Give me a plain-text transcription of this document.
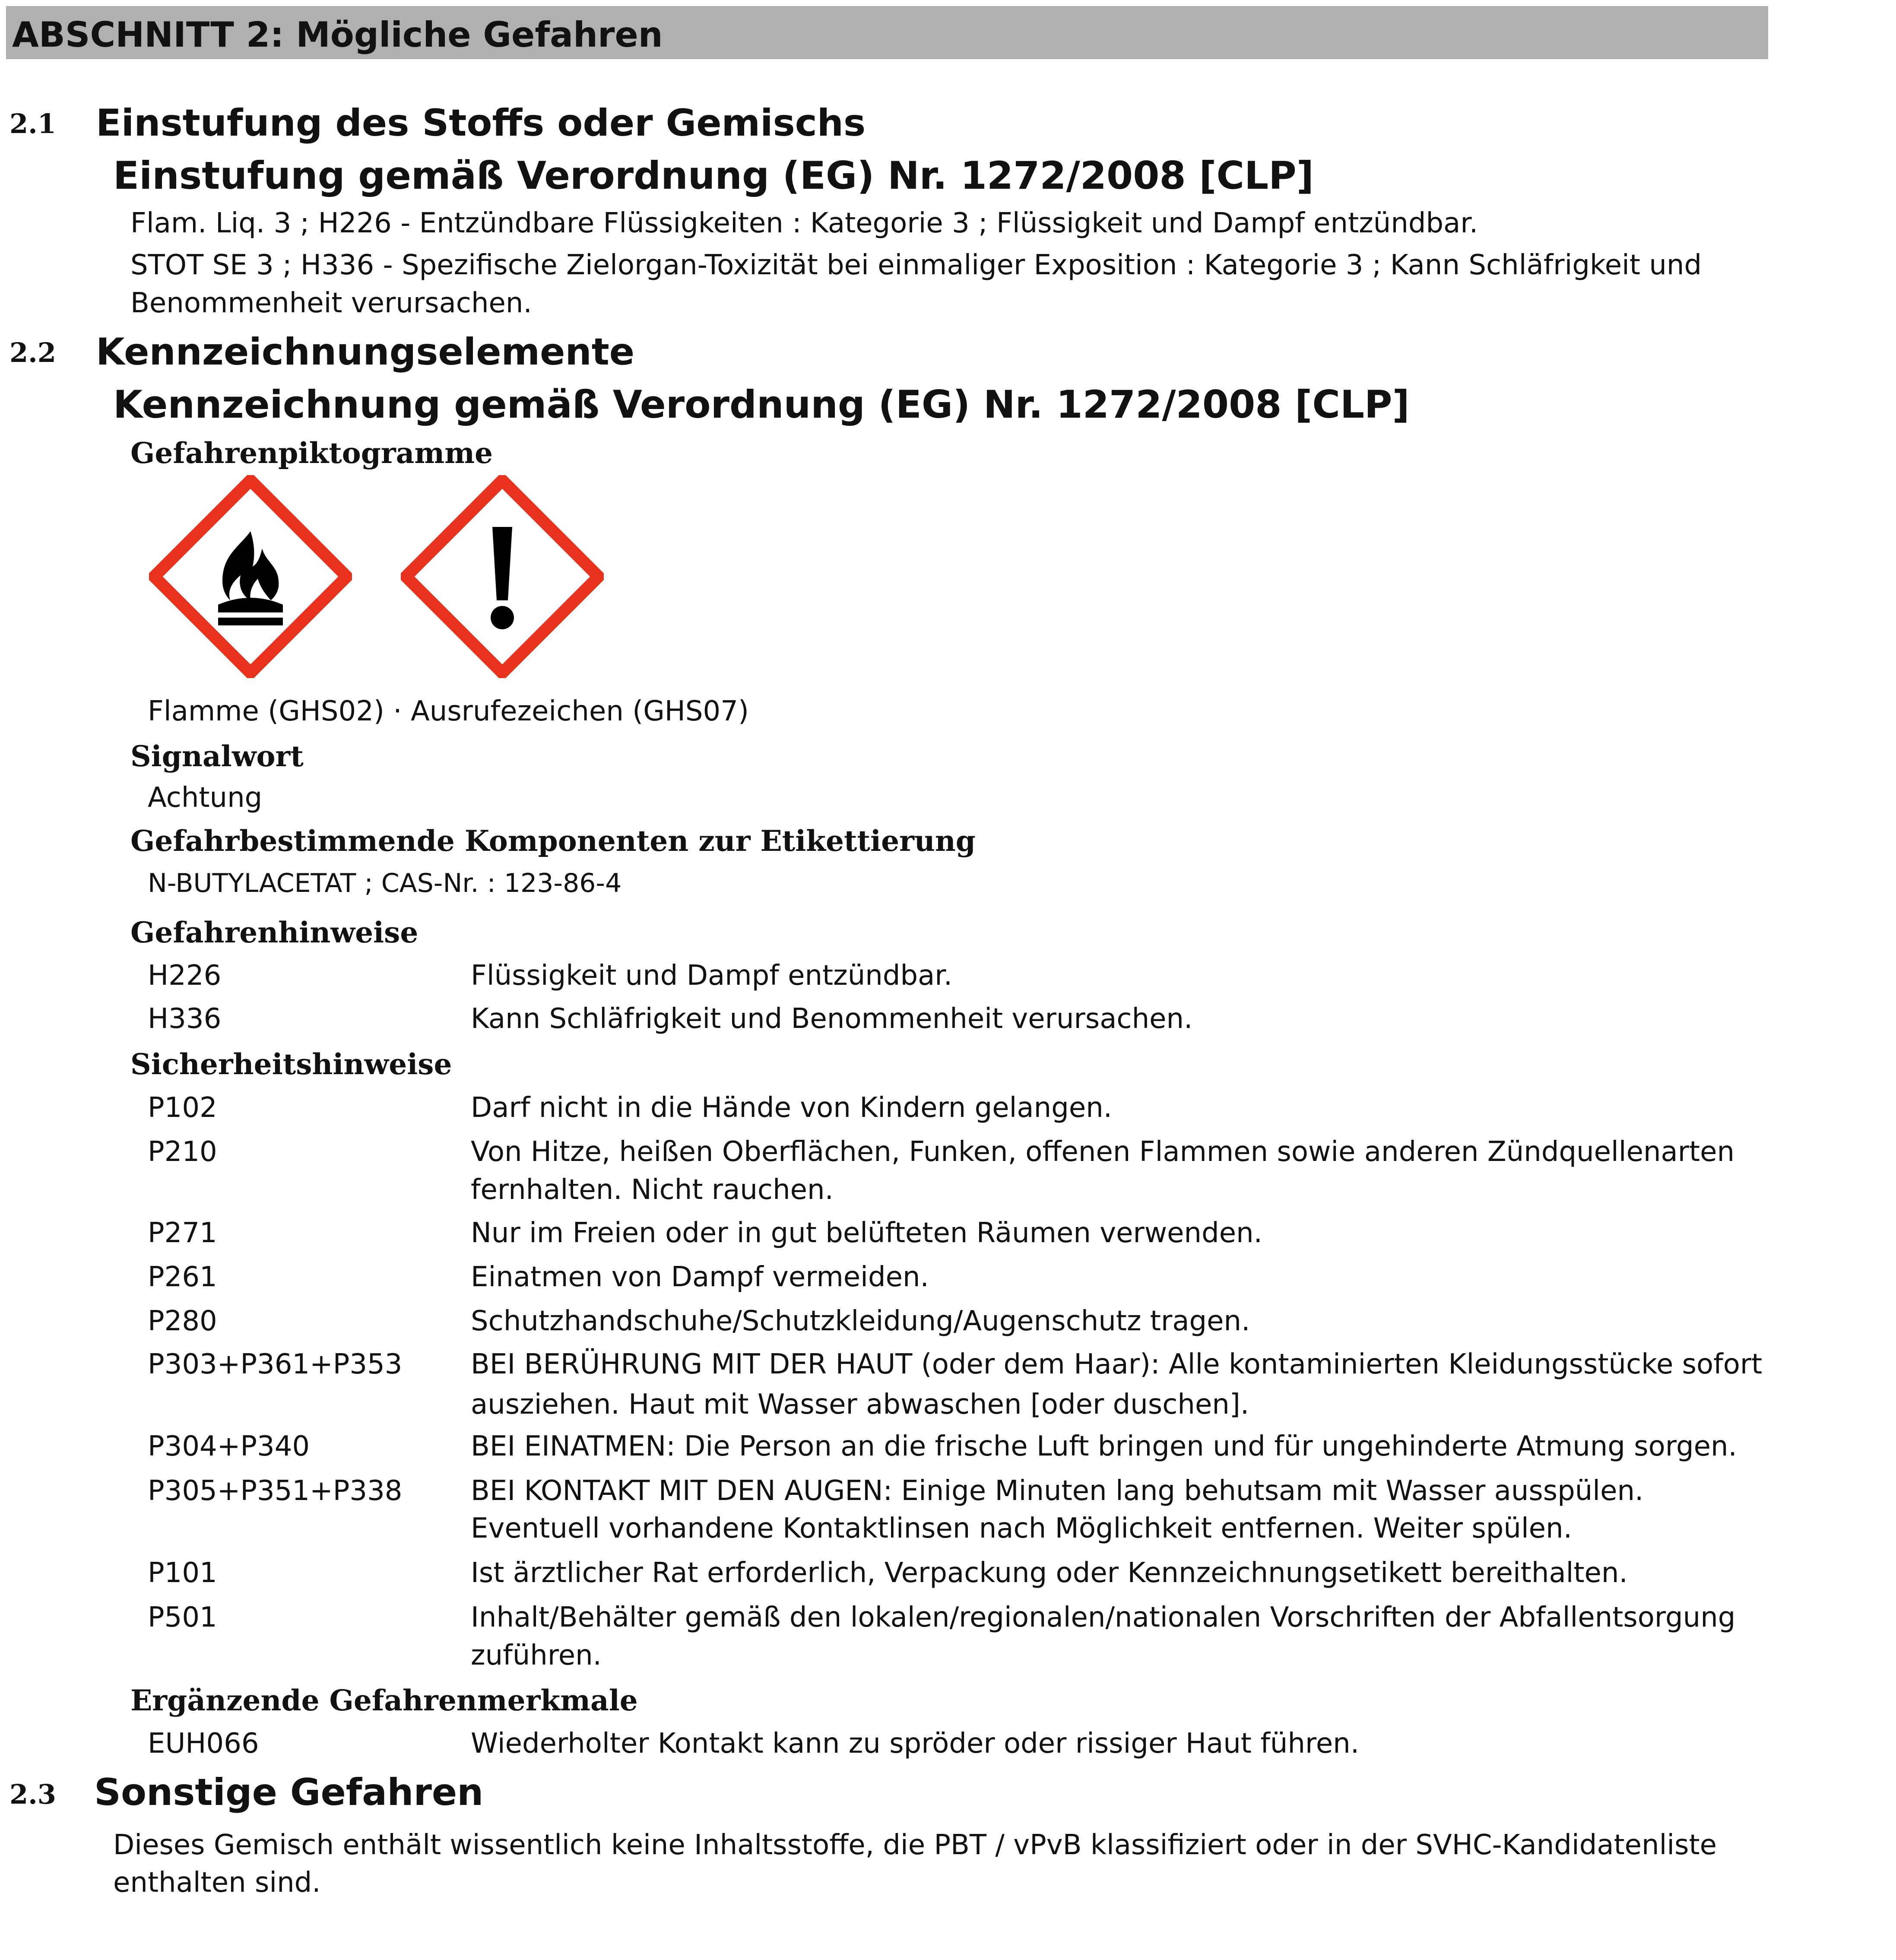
ABSCHNITT 2: Mögliche Gefahren
2.1 Einstufung des Stoffs oder Gemischs
Einstufung gemäß Verordnung (EG) Nr. 1272/2008 [CLP]
Flam. Liq. 3 ; H226 - Entzündbare Flüssigkeiten : Kategorie 3 ; Flüssigkeit und Dampf entzündbar.
STOT SE 3 ; H336 - Spezifische Zielorgan-Toxizität bei einmaliger Exposition : Kategorie 3 ; Kann Schläfrigkeit und
Benommenheit verursachen.
2.2 Kennzeichnungselemente
Kennzeichnung gemäß Verordnung (EG) Nr. 1272/2008 [CLP]
Gefahrenpiktogramme
Flamme (GHS02) · Ausrufezeichen (GHS07)
Signalwort
Achtung
Gefahrbestimmende Komponenten zur Etikettierung
N-BUTYLACETAT ; CAS-Nr. : 123-86-4
Gefahrenhinweise
H226	Flüssigkeit und Dampf entzündbar.
H336	Kann Schläfrigkeit und Benommenheit verursachen.
Sicherheitshinweise
P102	Darf nicht in die Hände von Kindern gelangen.
P210	Von Hitze, heißen Oberflächen, Funken, offenen Flammen sowie anderen Zündquellenarten
fernhalten. Nicht rauchen.
P271	Nur im Freien oder in gut belüfteten Räumen verwenden.
P261	Einatmen von Dampf vermeiden.
P280	Schutzhandschuhe/Schutzkleidung/Augenschutz tragen.
P303+P361+P353 BEI BERÜHRUNG MIT DER HAUT (oder dem Haar): Alle kontaminierten Kleidungsstücke sofort
ausziehen. Haut mit Wasser abwaschen [oder duschen].
P304+P340	BEI EINATMEN: Die Person an die frische Luft bringen und für ungehinderte Atmung sorgen.
P305+P351+P338 BEI KONTAKT MIT DEN AUGEN: Einige Minuten lang behutsam mit Wasser ausspülen.
Eventuell vorhandene Kontaktlinsen nach Möglichkeit entfernen. Weiter spülen.
P101	Ist ärztlicher Rat erforderlich, Verpackung oder Kennzeichnungsetikett bereithalten.
P501	Inhalt/Behälter gemäß den lokalen/regionalen/nationalen Vorschriften der Abfallentsorgung
zuführen.
Ergänzende Gefahrenmerkmale
EUH066	Wiederholter Kontakt kann zu spröder oder rissiger Haut führen.
2.3 Sonstige Gefahren
Dieses Gemisch enthält wissentlich keine Inhaltsstoffe, die PBT / vPvB klassifiziert oder in der SVHC-Kandidatenliste
enthalten sind.
